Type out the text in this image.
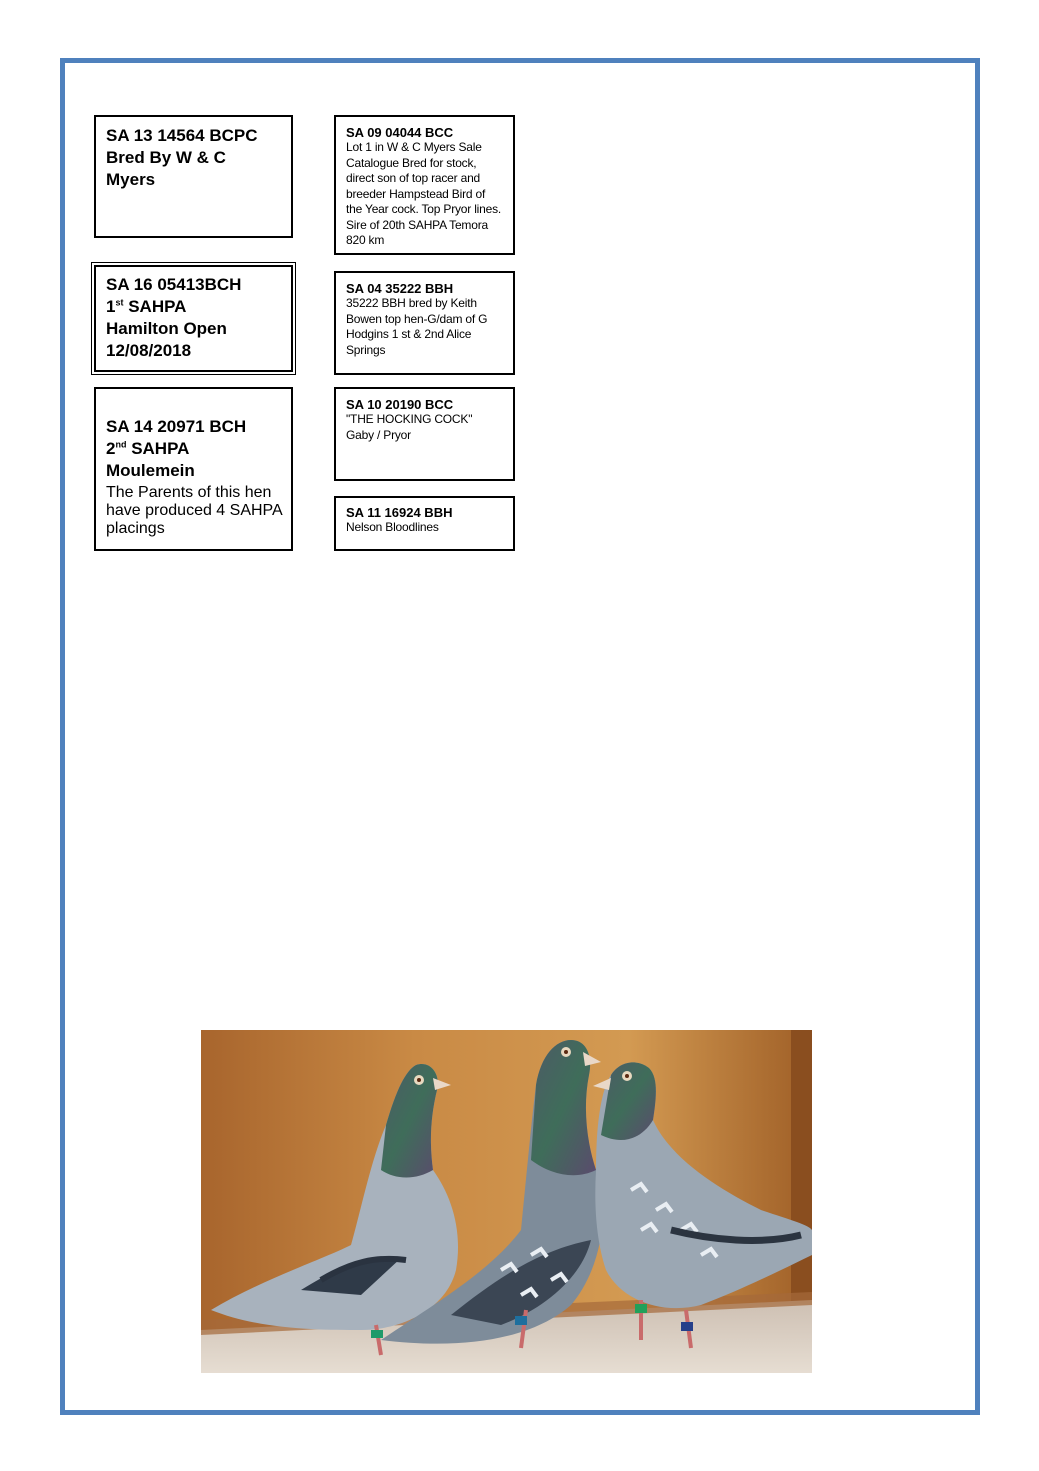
SA 13 14564 BCPC
Bred By W & C
Myers
SA 16 05413BCH
1st SAHPA
Hamilton Open
12/08/2018
SA 14 20971 BCH
2nd SAHPA
Moulemein
The Parents of this hen have produced 4 SAHPA placings
SA 09 04044 BCC
Lot 1 in W & C Myers Sale Catalogue Bred for stock, direct son of top racer and breeder Hampstead Bird of the Year cock. Top Pryor lines. Sire of 20th SAHPA Temora 820 km
SA 04 35222 BBH
35222 BBH bred by Keith Bowen top hen-G/dam of G Hodgins 1 st & 2nd Alice Springs
SA 10 20190 BCC
"THE HOCKING COCK" Gaby / Pryor
SA 11 16924 BBH
Nelson Bloodlines
